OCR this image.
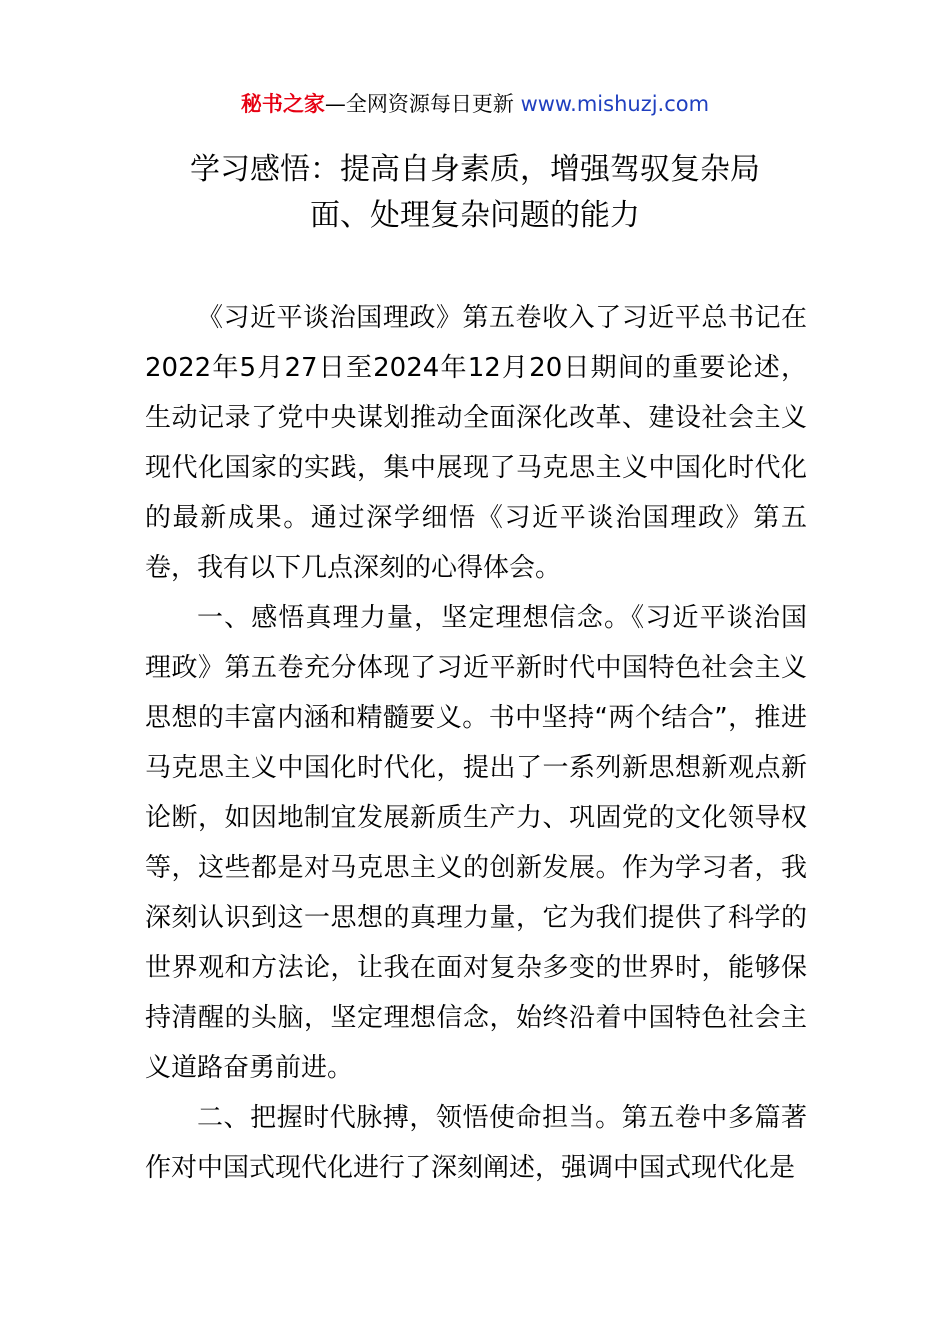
秘书之家—全网资源每日更新 www.mishuzj.com
学习感悟：提高自身素质，增强驾驭复杂局
面、处理复杂问题的能力

《习近平谈治国理政》第五卷收入了习近平总书记在2022年5月27日至2024年12月20日期间的重要论述，生动记录了党中央谋划推动全面深化改革、建设社会主义现代化国家的实践，集中展现了马克思主义中国化时代化的最新成果。通过深学细悟《习近平谈治国理政》第五卷，我有以下几点深刻的心得体会。

一、感悟真理力量，坚定理想信念。《习近平谈治国理政》第五卷充分体现了习近平新时代中国特色社会主义思想的丰富内涵和精髓要义。书中坚持“两个结合”，推进马克思主义中国化时代化，提出了一系列新思想新观点新论断，如因地制宜发展新质生产力、巩固党的文化领导权等，这些都是对马克思主义的创新发展。作为学习者，我深刻认识到这一思想的真理力量，它为我们提供了科学的世界观和方法论，让我在面对复杂多变的世界时，能够保持清醒的头脑，坚定理想信念，始终沿着中国特色社会主义道路奋勇前进。

二、把握时代脉搏，领悟使命担当。第五卷中多篇著作对中国式现代化进行了深刻阐述，强调中国式现代化是
